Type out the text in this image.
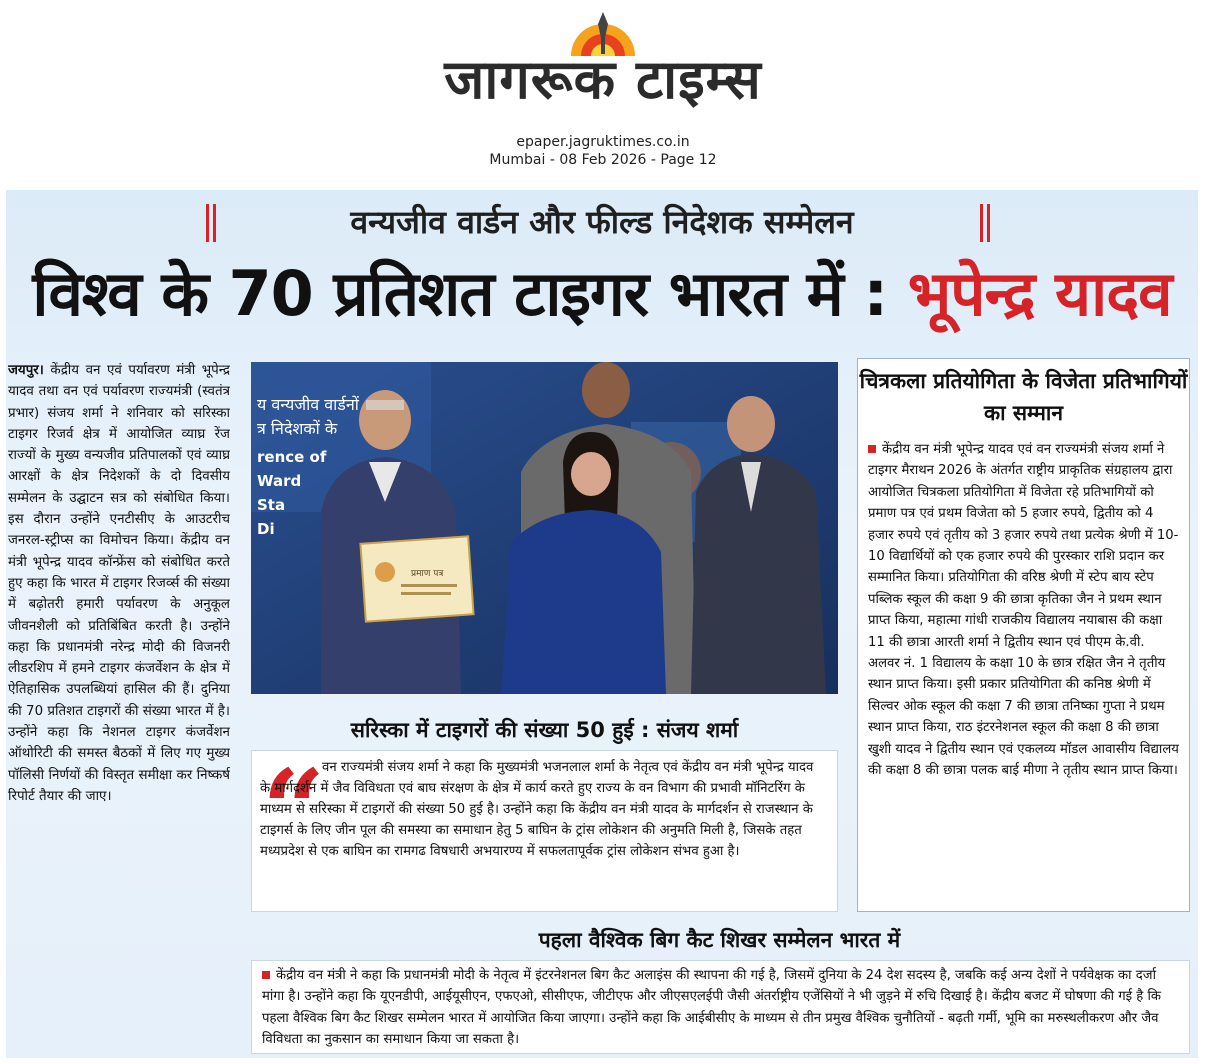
जागरूक टाइम्स
epaper.jagruktimes.co.in
Mumbai - 08 Feb 2026 - Page 12
वन्यजीव वार्डन और फील्ड निदेशक सम्मेलन
विश्व के 70 प्रतिशत टाइगर भारत में : भूपेन्द्र यादव
जयपुर। केंद्रीय वन एवं पर्यावरण मंत्री भूपेन्द्र यादव तथा वन एवं पर्यावरण राज्यमंत्री (स्वतंत्र प्रभार) संजय शर्मा ने शनिवार को सरिस्का टाइगर रिजर्व क्षेत्र में आयोजित व्याघ्र रेंज राज्यों के मुख्य वन्यजीव प्रतिपालकों एवं व्याघ्र आरक्षों के क्षेत्र निदेशकों के दो दिवसीय सम्मेलन के उद्घाटन सत्र को संबोधित किया। इस दौरान उन्होंने एनटीसीए के आउटरीच जनरल-स्ट्रीप्स का विमोचन किया। केंद्रीय वन मंत्री भूपेन्द्र यादव कॉन्फ्रेंस को संबोधित करते हुए कहा कि भारत में टाइगर रिजर्व्स की संख्या में बढ़ोतरी हमारी पर्यावरण के अनुकूल जीवनशैली को प्रतिबिंबित करती है। उन्होंने कहा कि प्रधानमंत्री नरेन्द्र मोदी की विजनरी लीडरशिप में हमने टाइगर कंजर्वेशन के क्षेत्र में ऐतिहासिक उपलब्धियां हासिल की हैं। दुनिया की 70 प्रतिशत टाइगरों की संख्या भारत में है। उन्होंने कहा कि नेशनल टाइगर कंजर्वेशन ऑथोरिटी की समस्त बैठकों में लिए गए मुख्य पॉलिसी निर्णयों की विस्तृत समीक्षा कर निष्कर्ष रिपोर्ट तैयार की जाए।
य वन्यजीव वार्डनों
त्र निदेशकों के
rence of
Ward
Sta
Di
प्रमाण पत्र
सरिस्का में टाइगरों की संख्या 50 हुई : संजय शर्मा
“
वन राज्यमंत्री संजय शर्मा ने कहा कि मुख्यमंत्री भजनलाल शर्मा के नेतृत्व एवं केंद्रीय वन मंत्री भूपेन्द्र यादव के मार्गदर्शन में जैव विविधता एवं बाघ संरक्षण के क्षेत्र में कार्य करते हुए राज्य के वन विभाग की प्रभावी मॉनिटरिंग के माध्यम से सरिस्का में टाइगरों की संख्या 50 हुई है। उन्होंने कहा कि केंद्रीय वन मंत्री यादव के मार्गदर्शन से राजस्थान के टाइगर्स के लिए जीन पूल की समस्या का समाधान हेतु 5 बाघिन के ट्रांस लोकेशन की अनुमति मिली है, जिसके तहत मध्यप्रदेश से एक बाघिन का रामगढ विषधारी अभयारण्य में सफलतापूर्वक ट्रांस लोकेशन संभव हुआ है।
चित्रकला प्रतियोगिता के विजेता प्रतिभागियों का सम्मान
केंद्रीय वन मंत्री भूपेन्द्र यादव एवं वन राज्यमंत्री संजय शर्मा ने टाइगर मैराथन 2026 के अंतर्गत राष्ट्रीय प्राकृतिक संग्रहालय द्वारा आयोजित चित्रकला प्रतियोगिता में विजेता रहे प्रतिभागियों को प्रमाण पत्र एवं प्रथम विजेता को 5 हजार रुपये, द्वितीय को 4 हजार रुपये एवं तृतीय को 3 हजार रुपये तथा प्रत्येक श्रेणी में 10-10 विद्यार्थियों को एक हजार रुपये की पुरस्कार राशि प्रदान कर सम्मानित किया। प्रतियोगिता की वरिष्ठ श्रेणी में स्टेप बाय स्टेप पब्लिक स्कूल की कक्षा 9 की छात्रा कृतिका जैन ने प्रथम स्थान प्राप्त किया, महात्मा गांधी राजकीय विद्यालय नयाबास की कक्षा 11 की छात्रा आरती शर्मा ने द्वितीय स्थान एवं पीएम के.वी. अलवर नं. 1 विद्यालय के कक्षा 10 के छात्र रक्षित जैन ने तृतीय स्थान प्राप्त किया। इसी प्रकार प्रतियोगिता की कनिष्ठ श्रेणी में सिल्वर ओक स्कूल की कक्षा 7 की छात्रा तनिष्का गुप्ता ने प्रथम स्थान प्राप्त किया, राठ इंटरनेशनल स्कूल की कक्षा 8 की छात्रा खुशी यादव ने द्वितीय स्थान एवं एकलव्य मॉडल आवासीय विद्यालय की कक्षा 8 की छात्रा पलक बाई मीणा ने तृतीय स्थान प्राप्त किया।
पहला वैश्विक बिग कैट शिखर सम्मेलन भारत में
केंद्रीय वन मंत्री ने कहा कि प्रधानमंत्री मोदी के नेतृत्व में इंटरनेशनल बिग कैट अलाइंस की स्थापना की गई है, जिसमें दुनिया के 24 देश सदस्य है, जबकि कई अन्य देशों ने पर्यवेक्षक का दर्जा मांगा है। उन्होंने कहा कि यूएनडीपी, आईयूसीएन, एफएओ, सीसीएफ, जीटीएफ और जीएसएलईपी जैसी अंतर्राष्ट्रीय एजेंसियों ने भी जुड़ने में रुचि दिखाई है। केंद्रीय बजट में घोषणा की गई है कि पहला वैश्विक बिग कैट शिखर सम्मेलन भारत में आयोजित किया जाएगा। उन्होंने कहा कि आईबीसीए के माध्यम से तीन प्रमुख वैश्विक चुनौतियों - बढ़ती गर्मी, भूमि का मरुस्थलीकरण और जैव विविधता का नुकसान का समाधान किया जा सकता है।
